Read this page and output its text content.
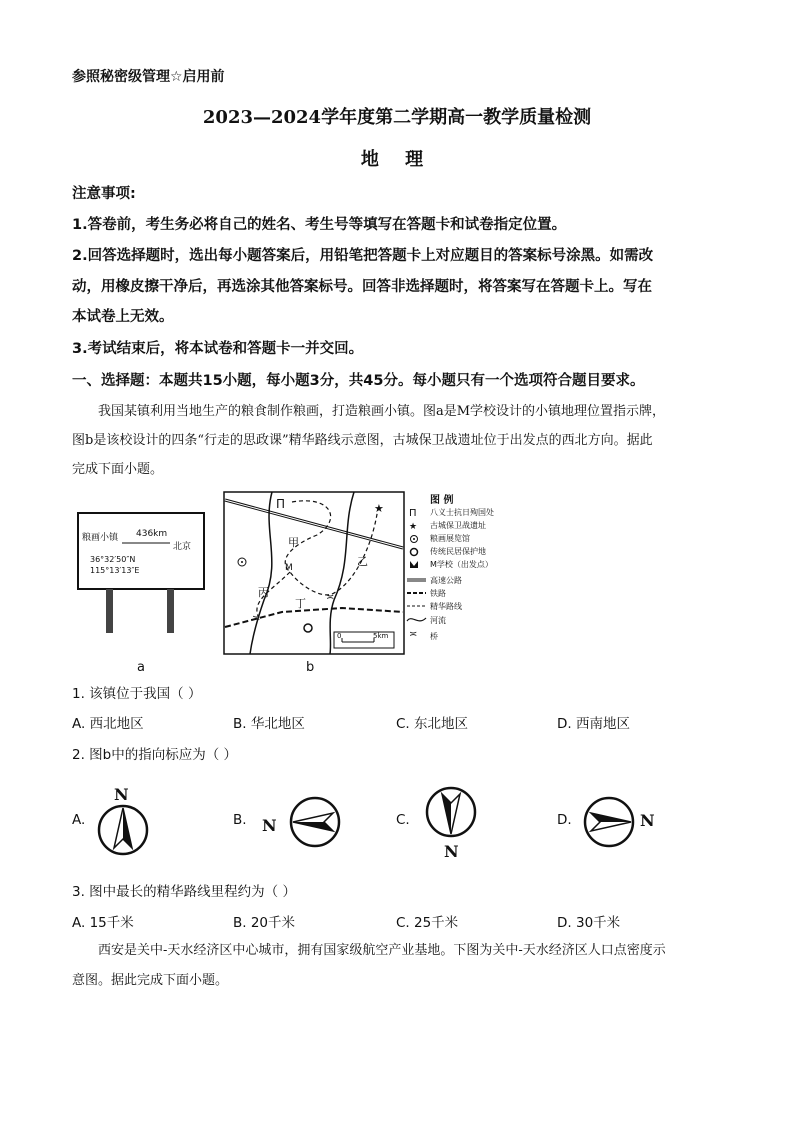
参照秘密级管理☆启用前
2023—2024学年度第二学期高一教学质量检测
地 理
注意事项:
1.答卷前，考生务必将自己的姓名、考生号等填写在答题卡和试卷指定位置。
2.回答选择题时，选出每小题答案后，用铅笔把答题卡上对应题目的答案标号涂黑。如需改
动，用橡皮擦干净后，再选涂其他答案标号。回答非选择题时，将答案写在答题卡上。写在
本试卷上无效。
3.考试结束后，将本试卷和答题卡一并交回。
一、选择题：本题共15小题，每小题3分，共45分。每小题只有一个选项符合题目要求。
我国某镇利用当地生产的粮食制作粮画，打造粮画小镇。图a是M学校设计的小镇地理位置指示牌，
图b是该校设计的四条“行走的思政课”精华路线示意图，古城保卫战遗址位于出发点的西北方向。据此
完成下面小题。
粮画小镇 436km
北京
36°32′50″N
115°13′13″E
a
Π	★
≍
≍
甲
乙
丙
丁
M
0	5km
b
图 例
Π
★
≍
八义士抗日殉国处
古城保卫战遗址
粮画展览馆
传统民居保护地
M学校（出发点）
高速公路
铁路
精华路线
河流
桥
1. 该镇位于我国（ ）
A. 西北地区	B. 华北地区	C. 东北地区	D. 西南地区
2. 图b中的指向标应为（ ）
A.
N
B. N	C.
N
D.	N
3. 图中最长的精华路线里程约为（ ）
A. 15千米	B. 20千米	C. 25千米	D. 30千米
西安是关中-天水经济区中心城市，拥有国家级航空产业基地。下图为关中-天水经济区人口点密度示
意图。据此完成下面小题。
